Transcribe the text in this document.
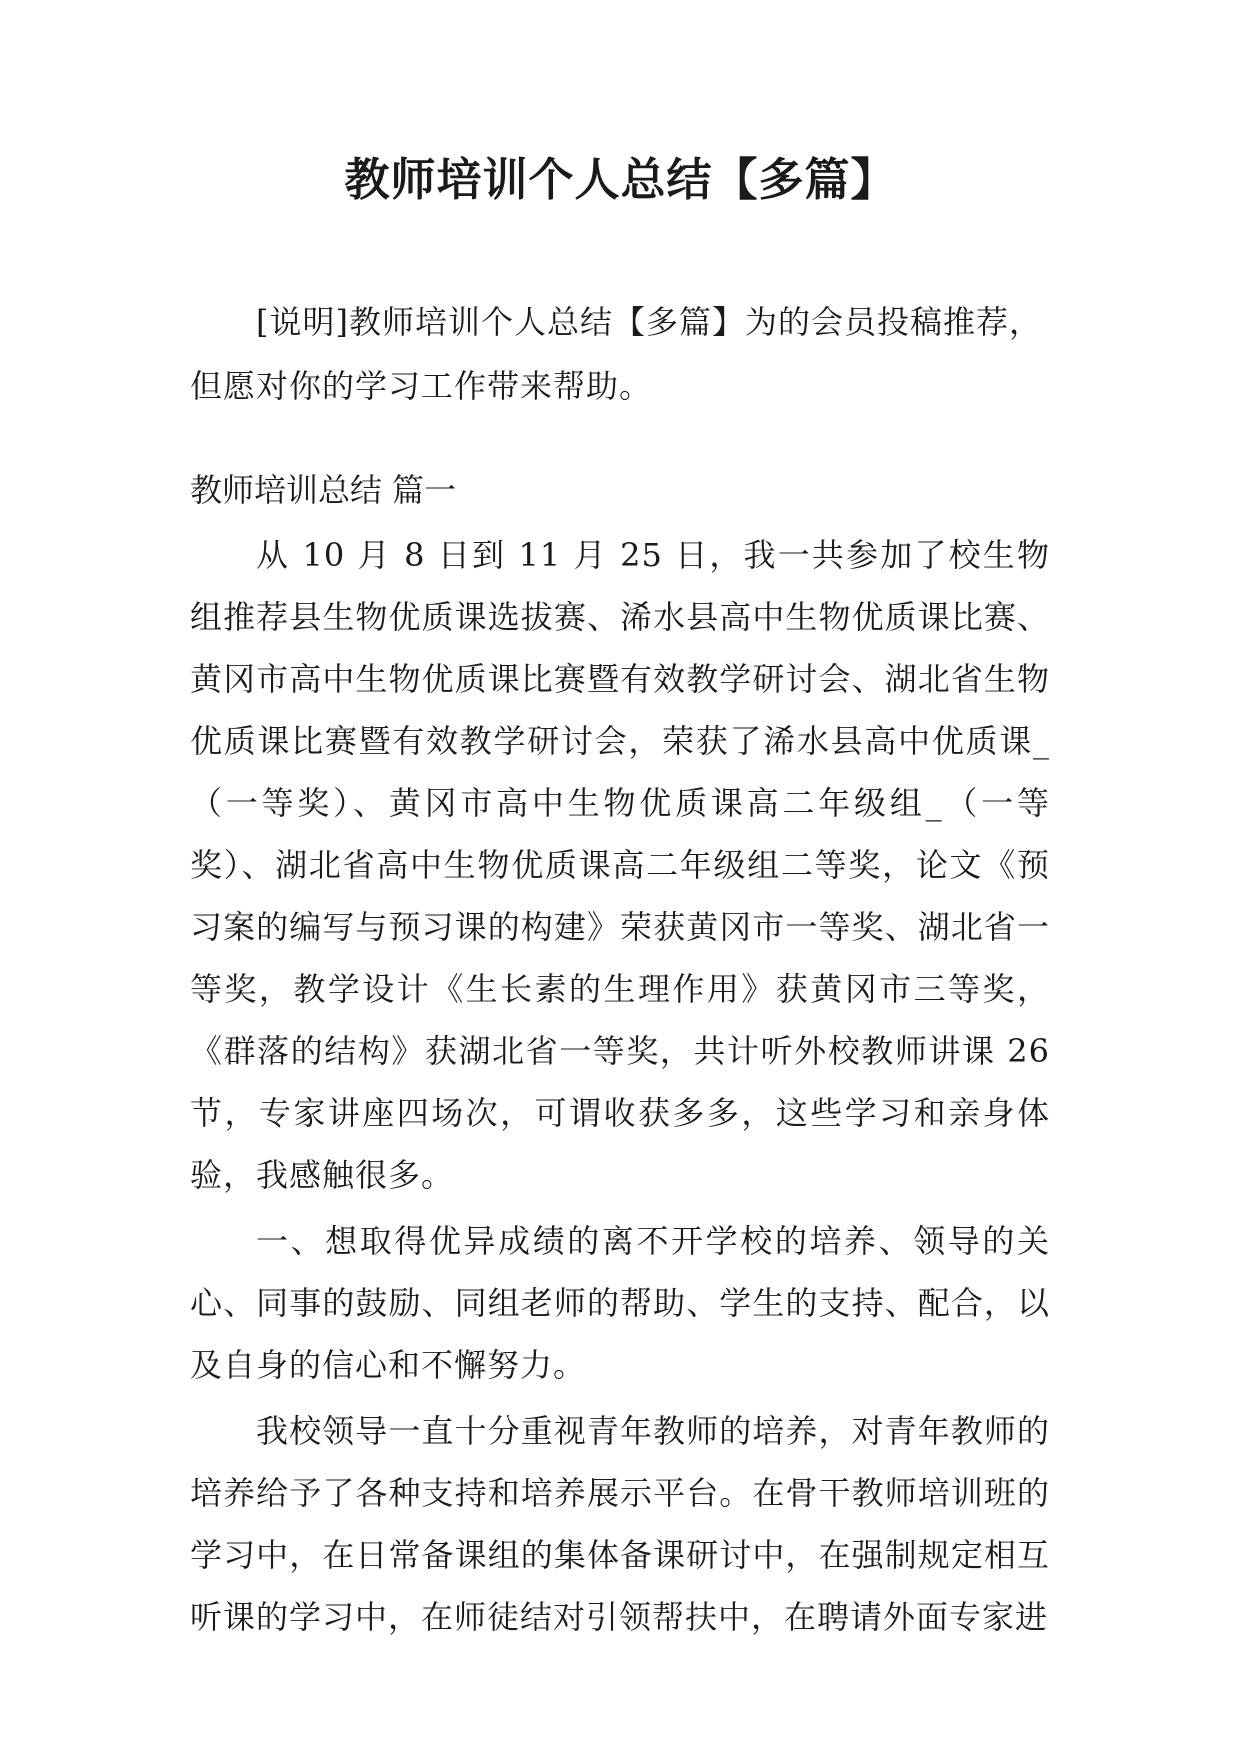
教师培训个人总结【多篇】

[说明]教师培训个人总结【多篇】为的会员投稿推荐，但愿对你的学习工作带来帮助。

教师培训总结 篇一

从 10 月 8 日到 11 月 25 日，我一共参加了校生物组推荐县生物优质课选拔赛、浠水县高中生物优质课比赛、黄冈市高中生物优质课比赛暨有效教学研讨会、湖北省生物优质课比赛暨有效教学研讨会，荣获了浠水县高中优质课_（一等奖）、黄冈市高中生物优质课高二年级组_（一等奖）、湖北省高中生物优质课高二年级组二等奖，论文《预习案的编写与预习课的构建》荣获黄冈市一等奖、湖北省一等奖，教学设计《生长素的生理作用》获黄冈市三等奖，《群落的结构》获湖北省一等奖，共计听外校教师讲课 26 节，专家讲座四场次，可谓收获多多，这些学习和亲身体验，我感触很多。

一、想取得优异成绩的离不开学校的培养、领导的关心、同事的鼓励、同组老师的帮助、学生的支持、配合，以及自身的信心和不懈努力。

我校领导一直十分重视青年教师的培养，对青年教师的培养给予了各种支持和培养展示平台。在骨干教师培训班的学习中，在日常备课组的集体备课研讨中，在强制规定相互听课的学习中，在师徒结对引领帮扶中，在聘请外面专家进
